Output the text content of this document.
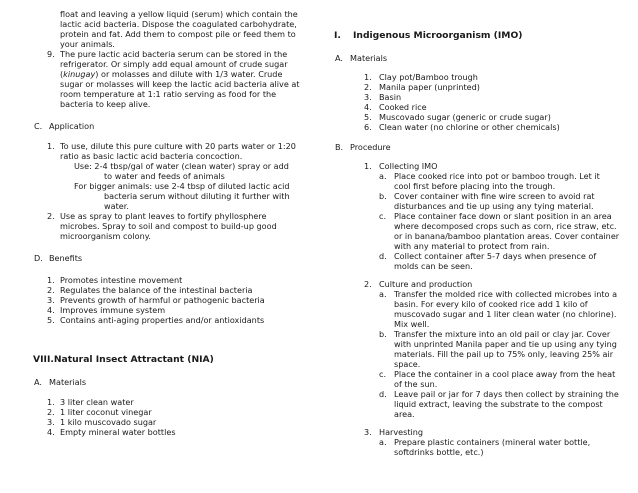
float and leaving a yellow liquid (serum) which contain the
lactic acid bacteria. Dispose the coagulated carbohydrate,
protein and fat. Add them to compost pile or feed them to
your animals.
9. The pure lactic acid bacteria serum can be stored in the
refrigerator. Or simply add equal amount of crude sugar
(kinugay) or molasses and dilute with 1/3 water. Crude
sugar or molasses will keep the lactic acid bacteria alive at
room temperature at 1:1 ratio serving as food for the
bacteria to keep alive.
C. Application
1. To use, dilute this pure culture with 20 parts water or 1:20
ratio as basic lactic acid bacteria concoction.
Use: 2-4 tbsp/gal of water (clean water) spray or add
to water and feeds of animals
For bigger animals: use 2-4 tbsp of diluted lactic acid
bacteria serum without diluting it further with
water.
2. Use as spray to plant leaves to fortify phyllosphere
microbes. Spray to soil and compost to build-up good
microorganism colony.
D. Benefits
1. Promotes intestine movement
2. Regulates the balance of the intestinal bacteria
3. Prevents growth of harmful or pathogenic bacteria
4. Improves immune system
5. Contains anti-aging properties and/or antioxidants
VIII.Natural Insect Attractant (NIA)
A. Materials
1. 3 liter clean water
2. 1 liter coconut vinegar
3. 1 kilo muscovado sugar
4. Empty mineral water bottles
I. Indigenous Microorganism (IMO)
A. Materials
1. Clay pot/Bamboo trough
2. Manila paper (unprinted)
3. Basin
4. Cooked rice
5. Muscovado sugar (generic or crude sugar)
6. Clean water (no chlorine or other chemicals)
B. Procedure
1. Collecting IMO
a. Place cooked rice into pot or bamboo trough. Let it
cool first before placing into the trough.
b. Cover container with fine wire screen to avoid rat
disturbances and tie up using any tying material.
c. Place container face down or slant position in an area
where decomposed crops such as corn, rice straw, etc.
or in banana/bamboo plantation areas. Cover container
with any material to protect from rain.
d. Collect container after 5-7 days when presence of
molds can be seen.
2. Culture and production
a. Transfer the molded rice with collected microbes into a
basin. For every kilo of cooked rice add 1 kilo of
muscovado sugar and 1 liter clean water (no chlorine).
Mix well.
b. Transfer the mixture into an old pail or clay jar. Cover
with unprinted Manila paper and tie up using any tying
materials. Fill the pail up to 75% only, leaving 25% air
space.
c. Place the container in a cool place away from the heat
of the sun.
d. Leave pail or jar for 7 days then collect by straining the
liquid extract, leaving the substrate to the compost
area.
3. Harvesting
a. Prepare plastic containers (mineral water bottle,
softdrinks bottle, etc.)
